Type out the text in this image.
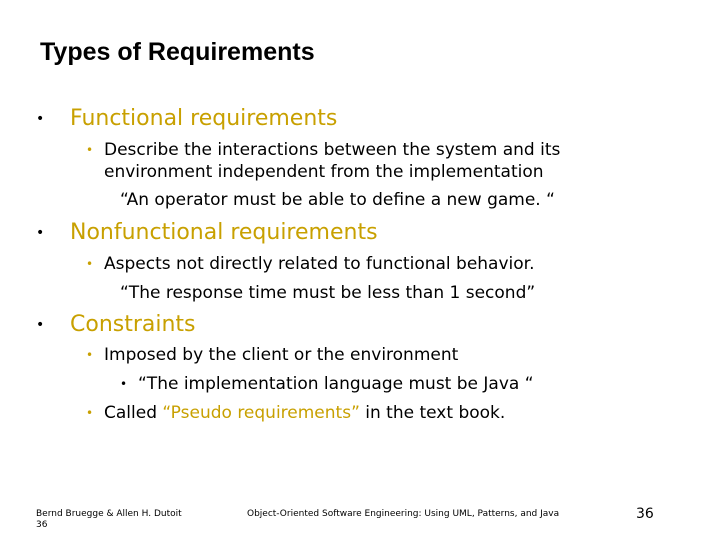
Types of Requirements
• Functional requirements
• Describe the interactions between the system and its
environment independent from the implementation
“An operator must be able to define a new game. “
• Nonfunctional requirements
• Aspects not directly related to functional behavior.
“The response time must be less than 1 second”
• Constraints
• Imposed by the client or the environment
• “The implementation language must be Java “
• Called “Pseudo requirements” in the text book.
Bernd Bruegge & Allen H. Dutoit
36
Object-Oriented Software Engineering: Using UML, Patterns, and Java	36
